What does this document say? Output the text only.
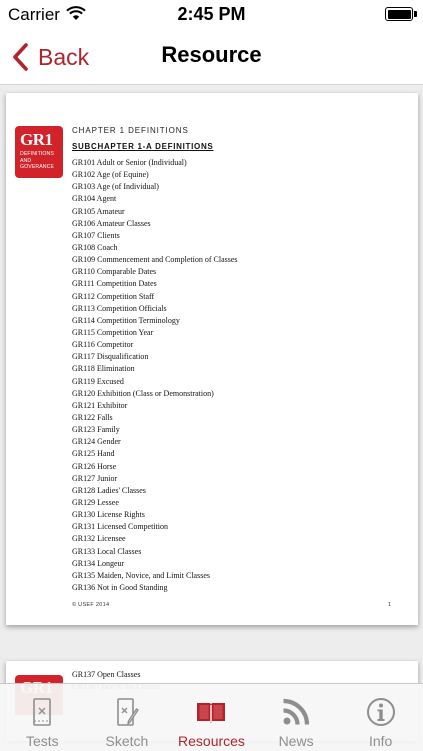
Carrier	2:45 PM
Back	Resource
GR1
DEFINITIONS
AND
GOVERANCE
CHAPTER 1 DEFINITIONS
SUBCHAPTER 1-A DEFINITIONS
GR101 Adult or Senior (Individual)
GR102 Age (of Equine)
GR103 Age (of Individual)
GR104 Agent
GR105 Amateur
GR106 Amateur Classes
GR107 Clients
GR108 Coach
GR109 Commencement and Completion of Classes
GR110 Comparable Dates
GR111 Competition Dates
GR112 Competition Staff
GR113 Competition Officials
GR114 Competition Terminology
GR115 Competition Year
GR116 Competitor
GR117 Disqualification
GR118 Elimination
GR119 Excused
GR120 Exhibition (Class or Demonstration)
GR121 Exhibitor
GR122 Falls
GR123 Family
GR124 Gender
GR125 Hand
GR126 Horse
GR127 Junior
GR128 Ladies' Classes
GR129 Lessee
GR130 License Rights
GR131 Licensed Competition
GR132 Licensee
GR133 Local Classes
GR134 Longeur
GR135 Maiden, Novice, and Limit Classes
GR136 Not in Good Standing
© USEF 2014	1
GR137 Open Classes
Tests	Sketch	Resources	News	Info
